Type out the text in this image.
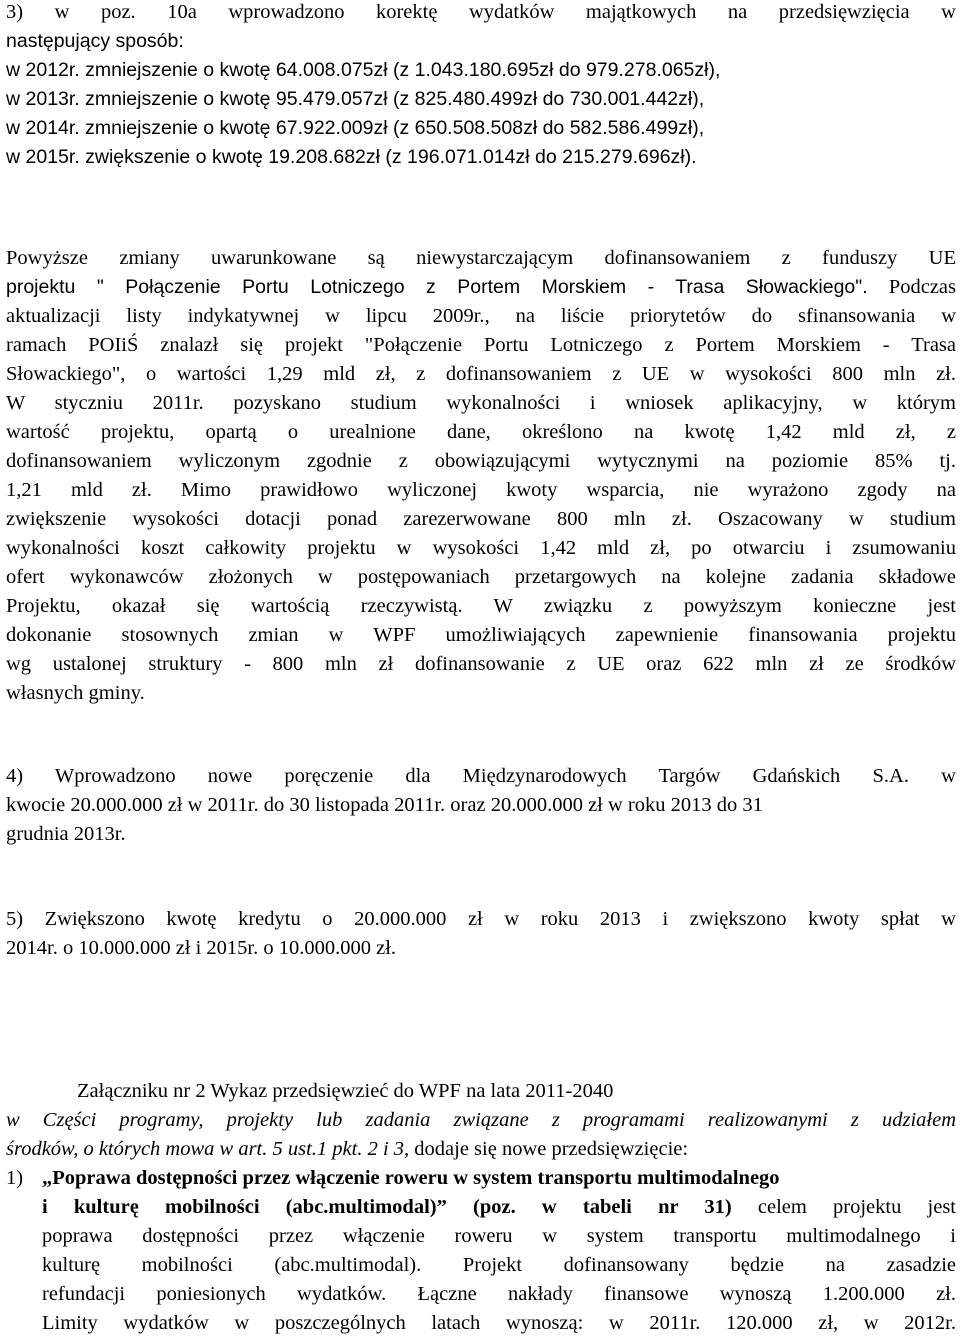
3) w poz. 10a wprowadzono korektę wydatków majątkowych na przedsięwzięcia w
następujący sposób:
w 2012r. zmniejszenie o kwotę 64.008.075zł (z 1.043.180.695zł do 979.278.065zł),
w 2013r. zmniejszenie o kwotę 95.479.057zł (z 825.480.499zł do 730.001.442zł),
w 2014r. zmniejszenie o kwotę 67.922.009zł (z 650.508.508zł do 582.586.499zł),
w 2015r. zwiększenie o kwotę 19.208.682zł (z 196.071.014zł do 215.279.696zł).
Powyższe zmiany uwarunkowane są niewystarczającym dofinansowaniem z funduszy UE
projektu " Połączenie Portu Lotniczego z Portem Morskiem - Trasa Słowackiego". Podczas
aktualizacji listy indykatywnej w lipcu 2009r., na liście priorytetów do sfinansowania w
ramach POIiŚ znalazł się projekt "Połączenie Portu Lotniczego z Portem Morskiem - Trasa
Słowackiego", o wartości 1,29 mld zł, z dofinansowaniem z UE w wysokości 800 mln zł.
W styczniu 2011r. pozyskano studium wykonalności i wniosek aplikacyjny, w którym
wartość projektu, opartą o urealnione dane, określono na kwotę 1,42 mld zł, z
dofinansowaniem wyliczonym zgodnie z obowiązującymi wytycznymi na poziomie 85% tj.
1,21 mld zł. Mimo prawidłowo wyliczonej kwoty wsparcia, nie wyrażono zgody na
zwiększenie wysokości dotacji ponad zarezerwowane 800 mln zł. Oszacowany w studium
wykonalności koszt całkowity projektu w wysokości 1,42 mld zł, po otwarciu i zsumowaniu
ofert wykonawców złożonych w postępowaniach przetargowych na kolejne zadania składowe
Projektu, okazał się wartością rzeczywistą. W związku z powyższym konieczne jest
dokonanie stosownych zmian w WPF umożliwiających zapewnienie finansowania projektu
wg ustalonej struktury - 800 mln zł dofinansowanie z UE oraz 622 mln zł ze środków
własnych gminy.
4) Wprowadzono nowe poręczenie dla Międzynarodowych Targów Gdańskich S.A. w
kwocie 20.000.000 zł w 2011r. do 30 listopada 2011r. oraz 20.000.000 zł w roku 2013 do 31
grudnia 2013r.
5) Zwiększono kwotę kredytu o 20.000.000 zł w roku 2013 i zwiększono kwoty spłat w
2014r. o 10.000.000 zł i 2015r. o 10.000.000 zł.
Załączniku nr 2 Wykaz przedsięwzieć do WPF na lata 2011-2040
w Części programy, projekty lub zadania związane z programami realizowanymi z udziałem
środków, o których mowa w art. 5 ust.1 pkt. 2 i 3, dodaje się nowe przedsięwzięcie:
1) „Poprawa dostępności przez włączenie roweru w system transportu multimodalnego
i kulturę mobilności (abc.multimodal)” (poz. w tabeli nr 31) celem projektu jest
poprawa dostępności przez włączenie roweru w system transportu multimodalnego i
kulturę mobilności (abc.multimodal). Projekt dofinansowany będzie na zasadzie
refundacji poniesionych wydatków. Łączne nakłady finansowe wynoszą 1.200.000 zł.
Limity wydatków w poszczególnych latach wynoszą: w 2011r. 120.000 zł, w 2012r.
